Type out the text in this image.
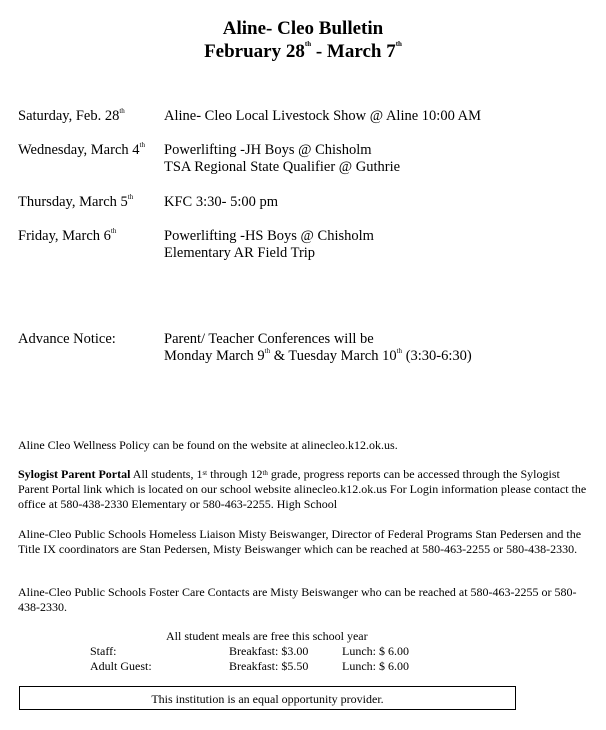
Aline- Cleo Bulletin
February 28th - March 7th
Saturday, Feb. 28th	Aline- Cleo Local Livestock Show @ Aline 10:00 AM
Wednesday, March 4th Powerlifting -JH Boys @ Chisholm
TSA Regional State Qualifier @ Guthrie
Thursday, March 5th KFC 3:30- 5:00 pm
Friday, March 6th	Powerlifting -HS Boys @ Chisholm
Elementary AR Field Trip
Advance Notice:	Parent/ Teacher Conferences will be
Monday March 9th & Tuesday March 10th (3:30-6:30)
Aline Cleo Wellness Policy can be found on the website at alinecleo.k12.ok.us.
Sylogist Parent Portal All students, 1st through 12th grade, progress reports can be accessed through the Sylogist Parent Portal link which is located on our school website alinecleo.k12.ok.us For Login information please contact the office at 580-438-2330 Elementary or 580-463-2255. High School
Aline-Cleo Public Schools Homeless Liaison Misty Beiswanger, Director of Federal Programs Stan Pedersen and the Title IX coordinators are Stan Pedersen, Misty Beiswanger which can be reached at 580-463-2255 or 580-438-2330.
Aline-Cleo Public Schools Foster Care Contacts are Misty Beiswanger who can be reached at 580-463-2255 or 580-438-2330.
All student meals are free this school year
Staff:	Breakfast: $3.00	Lunch: $ 6.00
Adult Guest:	Breakfast: $5.50	Lunch: $ 6.00
This institution is an equal opportunity provider.
